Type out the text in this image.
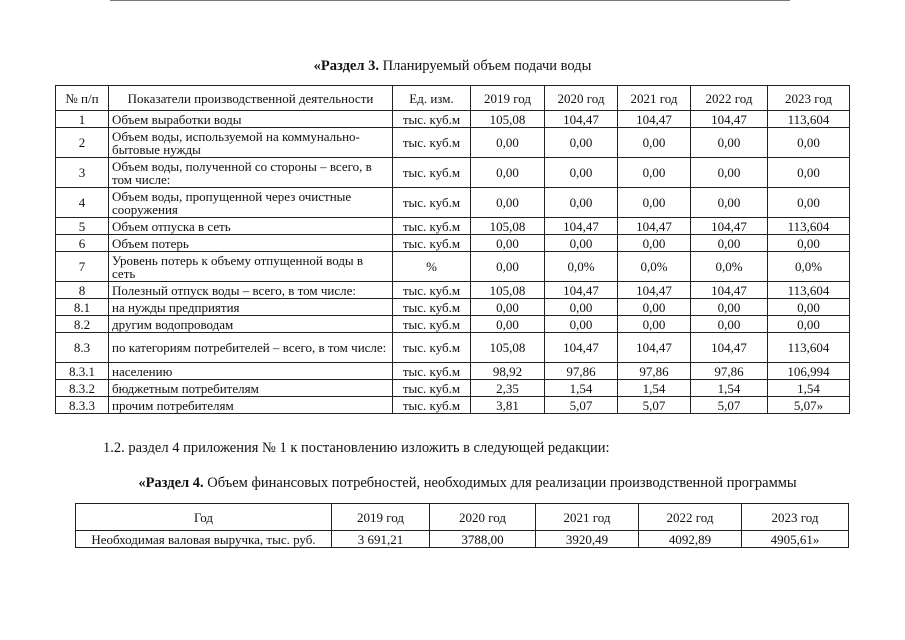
«Раздел 3. Планируемый объем подачи воды
№ п/п	Показатели производственной деятельности	Ед. изм.	2019 год	2020 год	2021 год	2022 год	2023 год
1	Объем выработки воды	тыс. куб.м	105,08	104,47	104,47	104,47	113,604
2	Объем воды, используемой на коммунально-бытовые нужды	тыс. куб.м	0,00	0,00	0,00	0,00	0,00
3	Объем воды, полученной со стороны – всего, в том числе:	тыс. куб.м	0,00	0,00	0,00	0,00	0,00
4	Объем воды, пропущенной через очистные сооружения	тыс. куб.м	0,00	0,00	0,00	0,00	0,00
5	Объем отпуска в сеть	тыс. куб.м	105,08	104,47	104,47	104,47	113,604
6	Объем потерь	тыс. куб.м	0,00	0,00	0,00	0,00	0,00
7	Уровень потерь к объему отпущенной воды в сеть	%	0,00	0,0%	0,0%	0,0%	0,0%
8	Полезный отпуск воды – всего, в том числе:	тыс. куб.м	105,08	104,47	104,47	104,47	113,604
8.1	на нужды предприятия	тыс. куб.м	0,00	0,00	0,00	0,00	0,00
8.2	другим водопроводам	тыс. куб.м	0,00	0,00	0,00	0,00	0,00
8.3	по категориям потребителей – всего, в том числе:	тыс. куб.м	105,08	104,47	104,47	104,47	113,604
8.3.1	населению	тыс. куб.м	98,92	97,86	97,86	97,86	106,994
8.3.2	бюджетным потребителям	тыс. куб.м	2,35	1,54	1,54	1,54	1,54
8.3.3	прочим потребителям	тыс. куб.м	3,81	5,07	5,07	5,07	5,07»
1.2. раздел 4 приложения № 1 к постановлению изложить в следующей редакции:
«Раздел 4. Объем финансовых потребностей, необходимых для реализации производственной программы
Год	2019 год	2020 год	2021 год	2022 год	2023 год
Необходимая валовая выручка, тыс. руб.	3 691,21	3788,00	3920,49	4092,89	4905,61»
